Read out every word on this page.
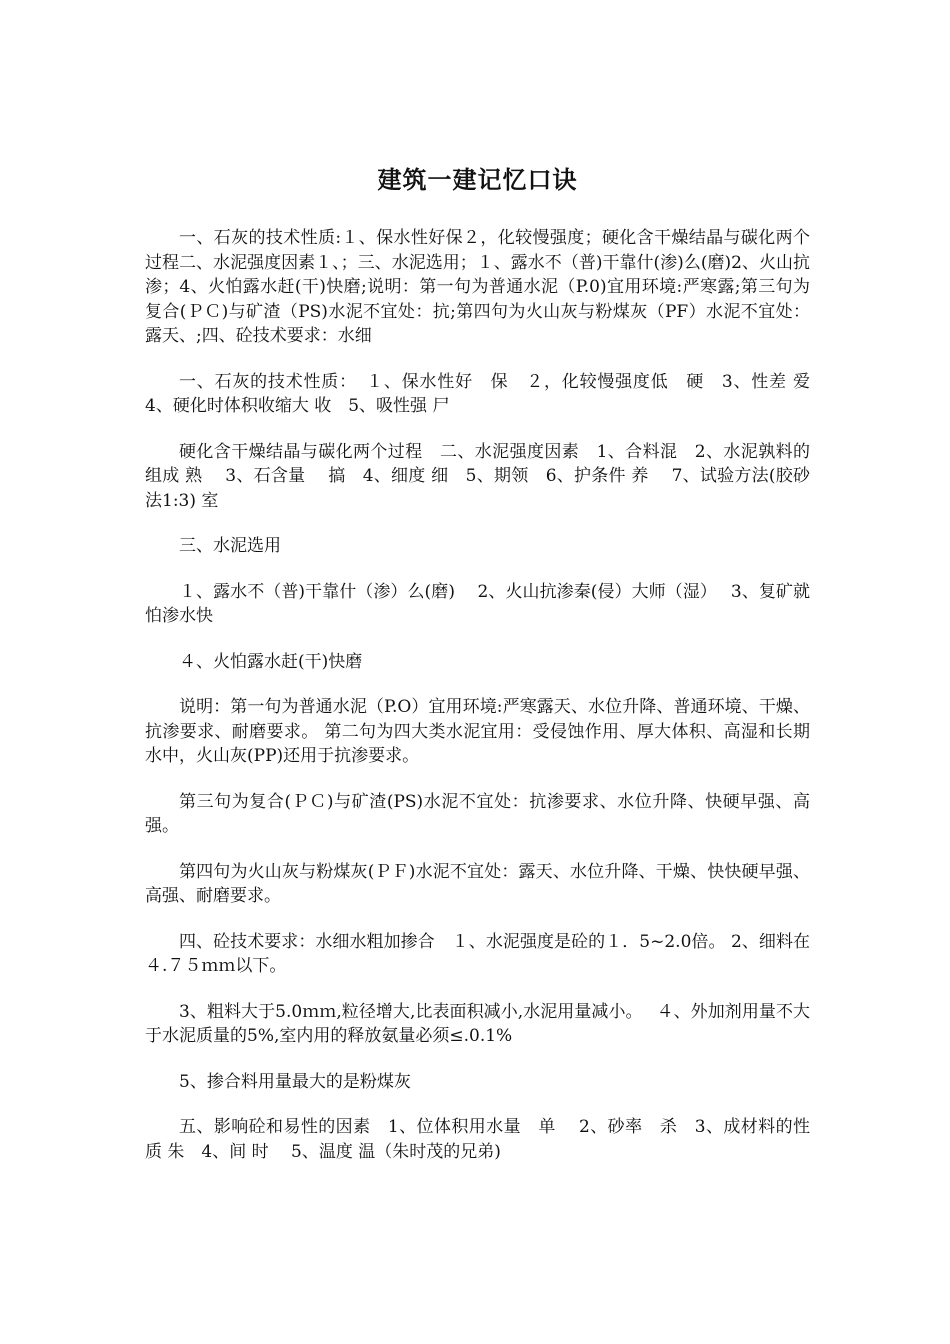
建筑一建记忆口诀

一、石灰的技术性质:１、保水性好保２，化较慢强度；硬化含干燥结晶与碳化两个过程二、水泥强度因素１、；三、水泥选用；１、露水不（普)干靠什(渗)么(磨)2、火山抗渗；4、火怕露水赶(干)快磨;说明：第一句为普通水泥（P.0)宜用环境:严寒露;第三句为复合(ＰＣ)与矿渣（PS)水泥不宜处：抗;第四句为火山灰与粉煤灰（PF）水泥不宜处：露天、;四、砼技术要求：水细

一、石灰的技术性质：　１、保水性好　保　２，化较慢强度低　硬　3、性差 爱　4、硬化时体积收缩大 收　5、吸性强 尸

硬化含干燥结晶与碳化两个过程　二、水泥强度因素　1、合料混　2、水泥孰料的组成 熟　 3、石含量　 搞　4、细度 细　5、期领　6、护条件 养　 7、试验方法(胶砂法1:3) 室

三、水泥选用

１、露水不（普)干靠什（渗）么(磨)　 2、火山抗渗秦(侵）大师（湿）　 3、复矿就怕渗水快

４、火怕露水赶(干)快磨

说明：第一句为普通水泥（P.O）宜用环境:严寒露天、水位升降、普通环境、干燥、抗渗要求、耐磨要求。 第二句为四大类水泥宜用：受侵蚀作用、厚大体积、高湿和长期水中，火山灰(PP)还用于抗渗要求。

第三句为复合(ＰＣ)与矿渣(PS)水泥不宜处：抗渗要求、水位升降、快硬早强、高强。

第四句为火山灰与粉煤灰(ＰＦ)水泥不宜处：露天、水位升降、干燥、快快硬早强、高强、耐磨要求。

四、砼技术要求：水细水粗加掺合　１、水泥强度是砼的１．5~2.0倍。 2、细料在４.７５ｍｍ以下。

3、粗料大于5.0ｍｍ,粒径增大,比表面积减小,水泥用量减小。　 ４、外加剂用量不大于水泥质量的5%,室内用的释放氨量必须≤.0.1%

5、掺合料用量最大的是粉煤灰

五、影响砼和易性的因素　1、位体积用水量　单　 2、砂率　杀　3、成材料的性质 朱　4、间 时　 5、温度 温（朱时茂的兄弟)
